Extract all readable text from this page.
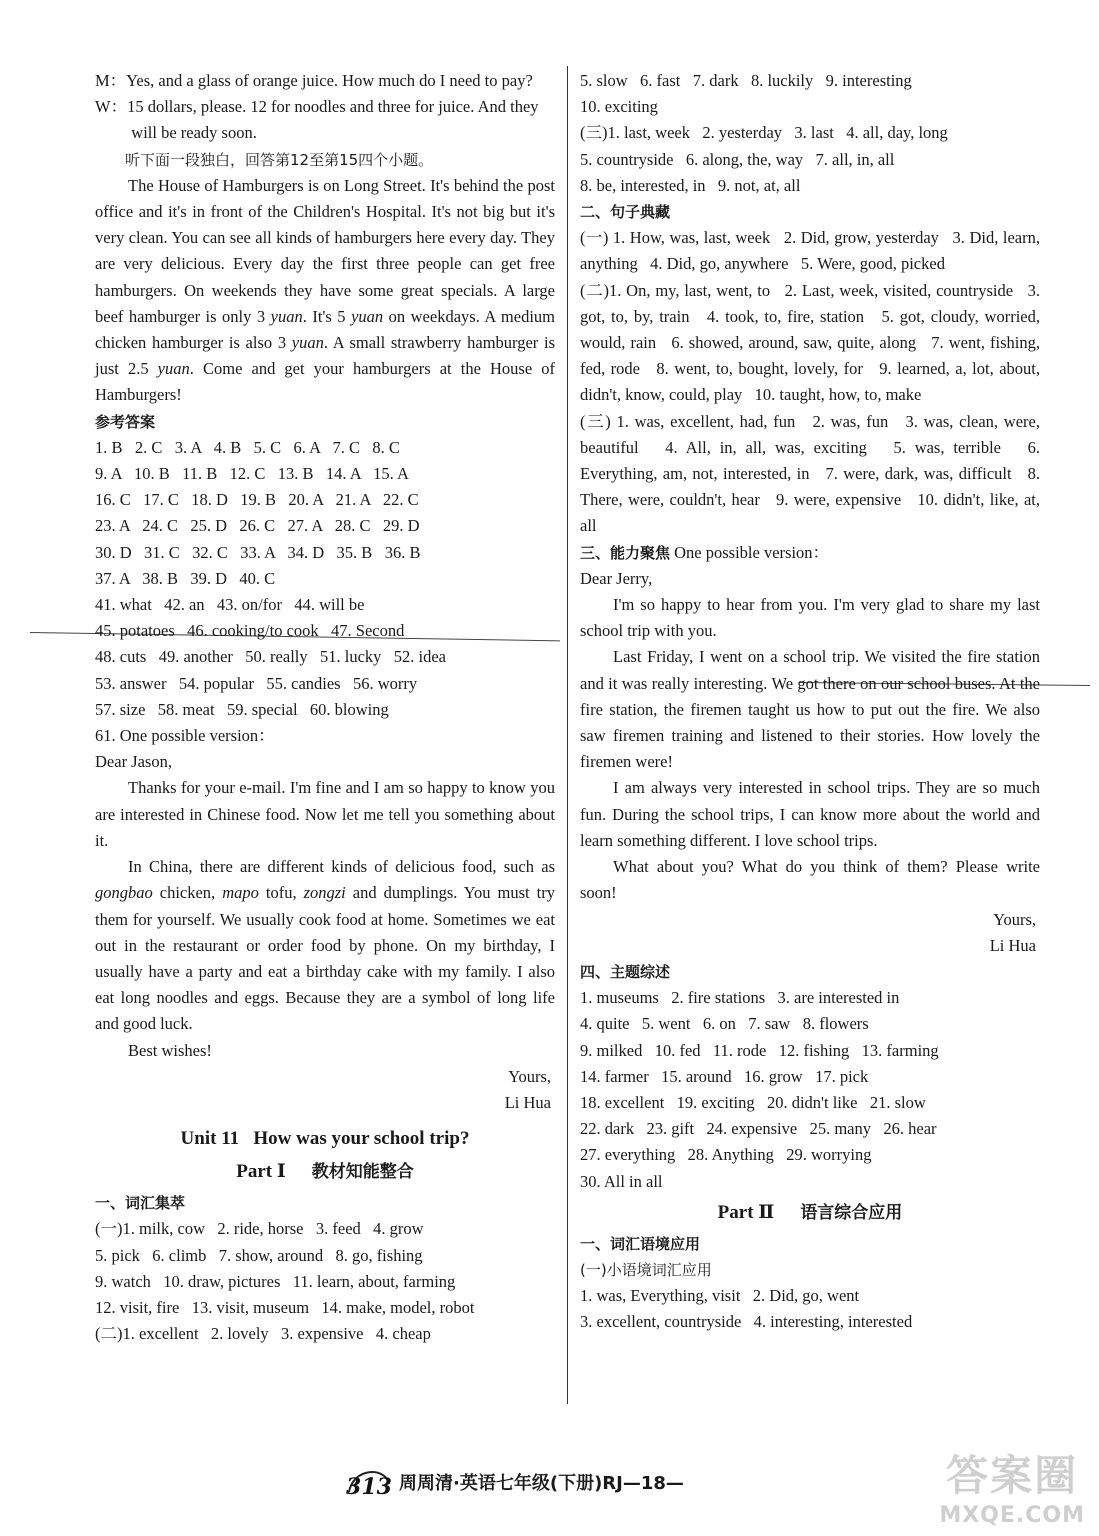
M：Yes, and a glass of orange juice. How much do I need to pay?
W：15 dollars, please. 12 for noodles and three for juice. And they will be ready soon.
听下面一段独白，回答第12至第15四个小题。
The House of Hamburgers is on Long Street. It's behind the post office and it's in front of the Children's Hospital. It's not big but it's very clean. You can see all kinds of hamburgers here every day. They are very delicious. Every day the first three people can get free hamburgers. On weekends they have some great specials. A large beef hamburger is only 3 yuan. It's 5 yuan on weekdays. A medium chicken hamburger is also 3 yuan. A small strawberry hamburger is just 2.5 yuan. Come and get your hamburgers at the House of Hamburgers!
参考答案
1. B   2. C   3. A   4. B   5. C   6. A   7. C   8. C
9. A   10. B   11. B   12. C   13. B   14. A   15. A
16. C   17. C   18. D   19. B   20. A   21. A   22. C
23. A   24. C   25. D   26. C   27. A   28. C   29. D
30. D   31. C   32. C   33. A   34. D   35. B   36. B
37. A   38. B   39. D   40. C
41. what   42. an   43. on/for   44. will be
45. potatoes   46. cooking/to cook   47. Second
48. cuts   49. another   50. really   51. lucky   52. idea
53. answer   54. popular   55. candies   56. worry
57. size   58. meat   59. special   60. blowing
61. One possible version：
Dear Jason,
Thanks for your e-mail. I'm fine and I am so happy to know you are interested in Chinese food. Now let me tell you something about it.
In China, there are different kinds of delicious food, such as gongbao chicken, mapo tofu, zongzi and dumplings. You must try them for yourself. We usually cook food at home. Sometimes we eat out in the restaurant or order food by phone. On my birthday, I usually have a party and eat a birthday cake with my family. I also eat long noodles and eggs. Because they are a symbol of long life and good luck.
Best wishes!
Yours,
Li Hua
Unit 11   How was your school trip?
Part Ⅰ 教材知能整合
一、词汇集萃
(一)1. milk, cow   2. ride, horse   3. feed   4. grow
5. pick   6. climb   7. show, around   8. go, fishing
9. watch   10. draw, pictures   11. learn, about, farming
12. visit, fire   13. visit, museum   14. make, model, robot
(二)1. excellent   2. lovely   3. expensive   4. cheap
5. slow   6. fast   7. dark   8. luckily   9. interesting
10. exciting
(三)1. last, week   2. yesterday   3. last   4. all, day, long
5. countryside   6. along, the, way   7. all, in, all
8. be, interested, in   9. not, at, all
二、句子典藏
(一) 1. How, was, last, week   2. Did, grow, yesterday   3. Did, learn, anything   4. Did, go, anywhere   5. Were, good, picked
(二)1. On, my, last, went, to   2. Last, week, visited, countryside   3. got, to, by, train   4. took, to, fire, station   5. got, cloudy, worried, would, rain   6. showed, around, saw, quite, along   7. went, fishing, fed, rode   8. went, to, bought, lovely, for   9. learned, a, lot, about, didn't, know, could, play   10. taught, how, to, make
(三) 1. was, excellent, had, fun   2. was, fun   3. was, clean, were, beautiful   4. All, in, all, was, exciting   5. was, terrible   6. Everything, am, not, interested, in   7. were, dark, was, difficult   8. There, were, couldn't, hear   9. were, expensive   10. didn't, like, at, all
三、能力聚焦 One possible version：
Dear Jerry,
I'm so happy to hear from you. I'm very glad to share my last school trip with you.
Last Friday, I went on a school trip. We visited the fire station and it was really interesting. We got there on our school buses. At the fire station, the firemen taught us how to put out the fire. We also saw firemen training and listened to their stories. How lovely the firemen were!
I am always very interested in school trips. They are so much fun. During the school trips, I can know more about the world and learn something different. I love school trips.
What about you? What do you think of them? Please write soon!
Yours,
Li Hua
四、主题综述
1. museums   2. fire stations   3. are interested in
4. quite   5. went   6. on   7. saw   8. flowers
9. milked   10. fed   11. rode   12. fishing   13. farming
14. farmer   15. around   16. grow   17. pick
18. excellent   19. exciting   20. didn't like   21. slow
22. dark   23. gift   24. expensive   25. many   26. hear
27. everything   28. Anything   29. worrying
30. All in all
Part Ⅱ 语言综合应用
一、词汇语境应用
(一)小语境词汇应用
1. was, Everything, visit   2. Did, go, went
3. excellent, countryside   4. interesting, interested
313 周周清·英语七年级(下册)RJ—18—	答案圈
MXQE.COM
